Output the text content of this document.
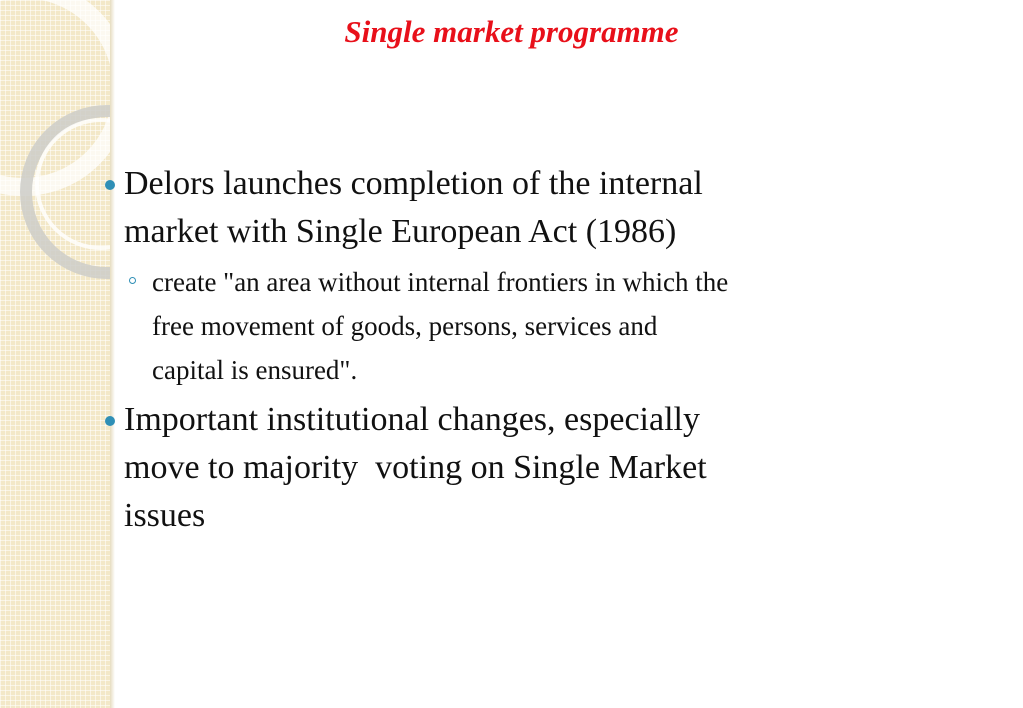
Single market programme
Delors launches completion of the internal
market with Single European Act (1986)
create "an area without internal frontiers in which the
free movement of goods, persons, services and
capital is ensured".
Important institutional changes, especially
move to majority  voting on Single Market
issues
